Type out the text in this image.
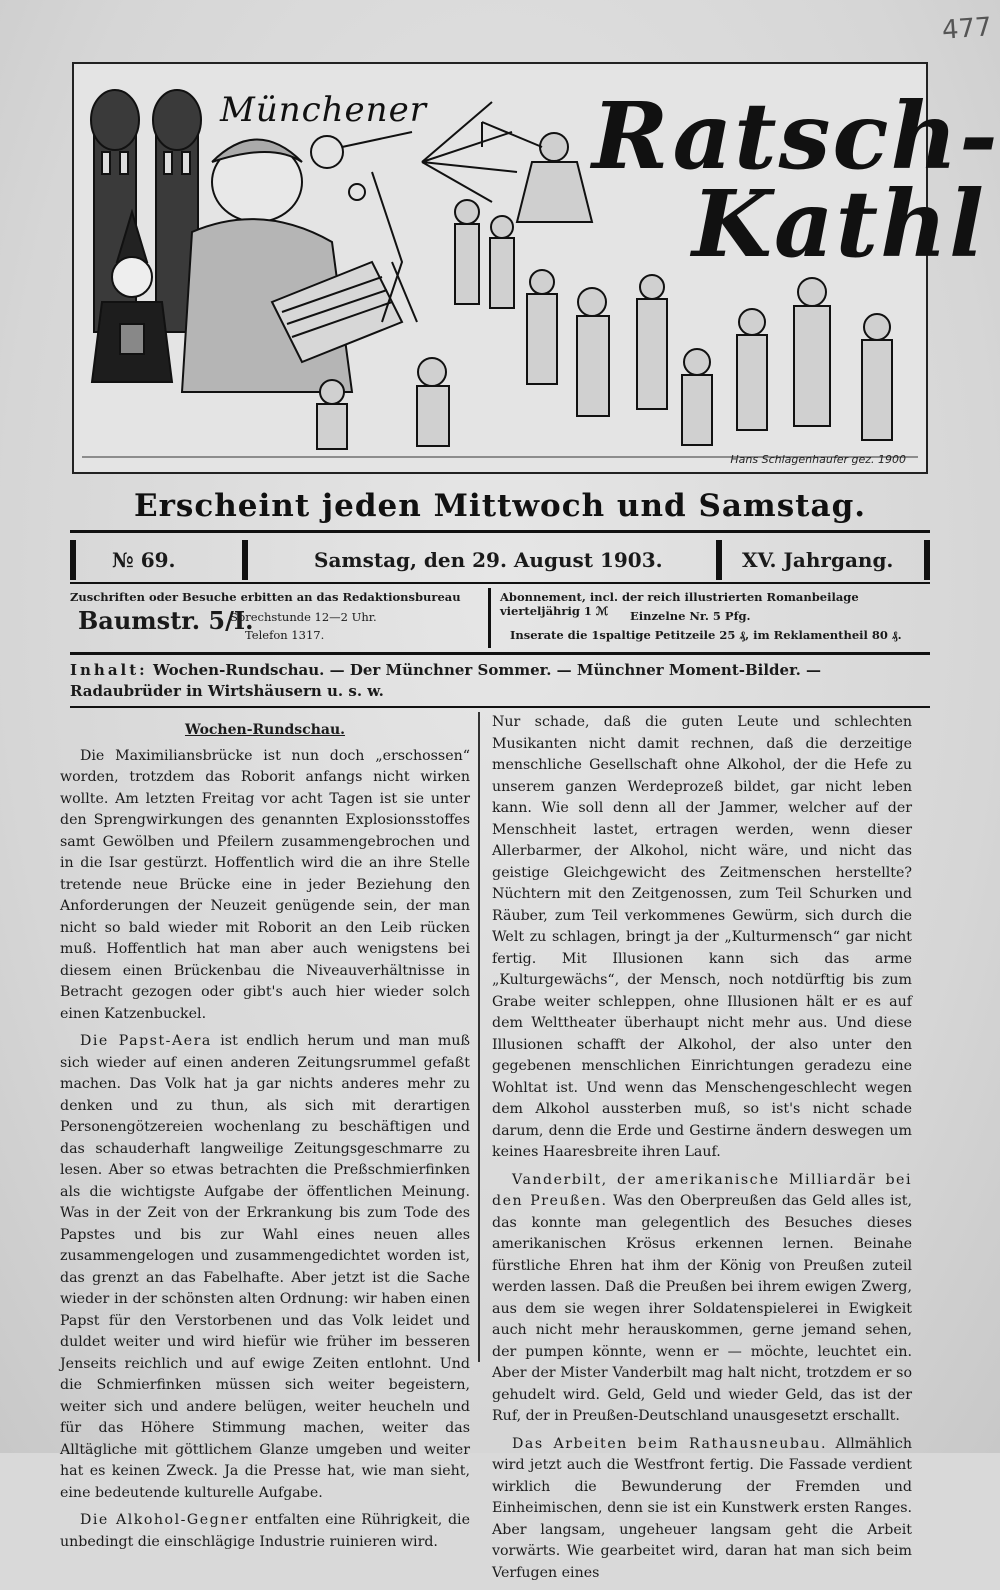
477
Münchener Ratsch-
Kathl
Hans Schlagenhaufer gez. 1900
Erscheint jeden Mittwoch und Samstag.
№ 69.	Samstag, den 29. August 1903.	XV. Jahrgang.
Zuschriften oder Besuche erbitten an das Redaktionsbureau
Baumstr. 5/I.
Sprechstunde 12—2 Uhr.
Telefon 1317.
Abonnement, incl. der reich illustrierten Romanbeilage vierteljährig 1 ℳ	Einzelne Nr. 5 Pfg.
Inserate die 1spaltige Petitzeile 25 ₰, im Reklamentheil 80 ₰.
Inhalt: Wochen-Rundschau. — Der Münchner Sommer. — Münchner Moment-Bilder. — Radaubrüder in Wirtshäusern u. s. w.
Wochen-Rundschau.

Die Maximiliansbrücke ist nun doch „erschossen“ worden, trotzdem das Roborit anfangs nicht wirken wollte. Am letzten Freitag vor acht Tagen ist sie unter den Sprengwirkungen des genannten Explosionsstoffes samt Gewölben und Pfeilern zusammengebrochen und in die Isar gestürzt. Hoffentlich wird die an ihre Stelle tretende neue Brücke eine in jeder Beziehung den Anforderungen der Neuzeit genügende sein, der man nicht so bald wieder mit Roborit an den Leib rücken muß. Hoffentlich hat man aber auch wenigstens bei diesem einen Brückenbau die Niveauverhältnisse in Betracht gezogen oder gibt's auch hier wieder solch einen Katzenbuckel.

Die Papst-Aera ist endlich herum und man muß sich wieder auf einen anderen Zeitungsrummel gefaßt machen. Das Volk hat ja gar nichts anderes mehr zu denken und zu thun, als sich mit derartigen Personengötzereien wochenlang zu beschäftigen und das schauderhaft langweilige Zeitungsgeschmarre zu lesen. Aber so etwas betrachten die Preßschmierfinken als die wichtigste Aufgabe der öffentlichen Meinung. Was in der Zeit von der Erkrankung bis zum Tode des Papstes und bis zur Wahl eines neuen alles zusammengelogen und zusammengedichtet worden ist, das grenzt an das Fabelhafte. Aber jetzt ist die Sache wieder in der schönsten alten Ordnung: wir haben einen Papst für den Verstorbenen und das Volk leidet und duldet weiter und wird hiefür wie früher im besseren Jenseits reichlich und auf ewige Zeiten entlohnt. Und die Schmierfinken müssen sich weiter begeistern, weiter sich und andere belügen, weiter heucheln und für das Höhere Stimmung machen, weiter das Alltägliche mit göttlichem Glanze umgeben und weiter hat es keinen Zweck. Ja die Presse hat, wie man sieht, eine bedeutende kulturelle Aufgabe.

Die Alkohol-Gegner entfalten eine Rührigkeit, die unbedingt die einschlägige Industrie ruinieren wird.

Nur schade, daß die guten Leute und schlechten Musikanten nicht damit rechnen, daß die derzeitige menschliche Gesellschaft ohne Alkohol, der die Hefe zu unserem ganzen Werdeprozeß bildet, gar nicht leben kann. Wie soll denn all der Jammer, welcher auf der Menschheit lastet, ertragen werden, wenn dieser Allerbarmer, der Alkohol, nicht wäre, und nicht das geistige Gleichgewicht des Zeitmenschen herstellte? Nüchtern mit den Zeitgenossen, zum Teil Schurken und Räuber, zum Teil verkommenes Gewürm, sich durch die Welt zu schlagen, bringt ja der „Kulturmensch“ gar nicht fertig. Mit Illusionen kann sich das arme „Kulturgewächs“, der Mensch, noch notdürftig bis zum Grabe weiter schleppen, ohne Illusionen hält er es auf dem Welttheater überhaupt nicht mehr aus. Und diese Illusionen schafft der Alkohol, der also unter den gegebenen menschlichen Einrichtungen geradezu eine Wohltat ist. Und wenn das Menschengeschlecht wegen dem Alkohol aussterben muß, so ist's nicht schade darum, denn die Erde und Gestirne ändern deswegen um keines Haaresbreite ihren Lauf.

Vanderbilt, der amerikanische Milliardär bei den Preußen. Was den Oberpreußen das Geld alles ist, das konnte man gelegentlich des Besuches dieses amerikanischen Krösus erkennen lernen. Beinahe fürstliche Ehren hat ihm der König von Preußen zuteil werden lassen. Daß die Preußen bei ihrem ewigen Zwerg, aus dem sie wegen ihrer Soldatenspielerei in Ewigkeit auch nicht mehr herauskommen, gerne jemand sehen, der pumpen könnte, wenn er — möchte, leuchtet ein. Aber der Mister Vanderbilt mag halt nicht, trotzdem er so gehudelt wird. Geld, Geld und wieder Geld, das ist der Ruf, der in Preußen-Deutschland unausgesetzt erschallt.

Das Arbeiten beim Rathausneubau. Allmählich wird jetzt auch die Westfront fertig. Die Fassade verdient wirklich die Bewunderung der Fremden und Einheimischen, denn sie ist ein Kunstwerk ersten Ranges. Aber langsam, ungeheuer langsam geht die Arbeit vorwärts. Wie gearbeitet wird, daran hat man sich beim Verfugen eines
